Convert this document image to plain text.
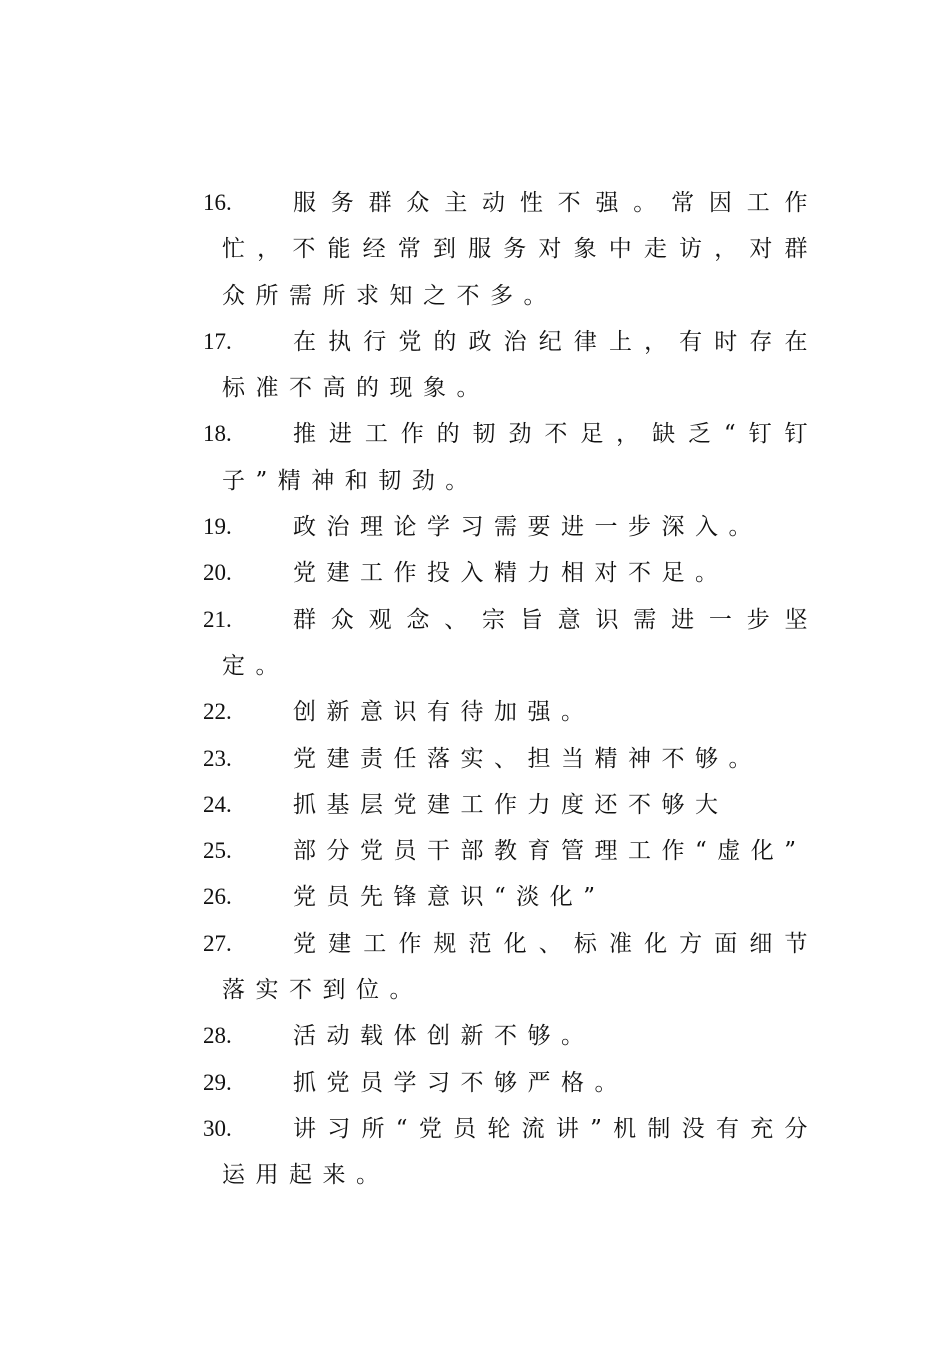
16.	服务群众主动性不强。常因工作忙，不能经常到服务对象中走访，对群众所需所求知之不多。
17.	在执行党的政治纪律上，有时存在标准不高的现象。
18.	推进工作的韧劲不足，缺乏“钉钉子”精神和韧劲。
19.	政治理论学习需要进一步深入。
20.	党建工作投入精力相对不足。
21.	群众观念、宗旨意识需进一步坚定。
22.	创新意识有待加强。
23.	党建责任落实、担当精神不够。
24.	抓基层党建工作力度还不够大
25.	部分党员干部教育管理工作“虚化”
26.	党员先锋意识“淡化”
27.	党建工作规范化、标准化方面细节落实不到位。
28.	活动载体创新不够。
29.	抓党员学习不够严格。
30.	讲习所“党员轮流讲”机制没有充分运用起来。
